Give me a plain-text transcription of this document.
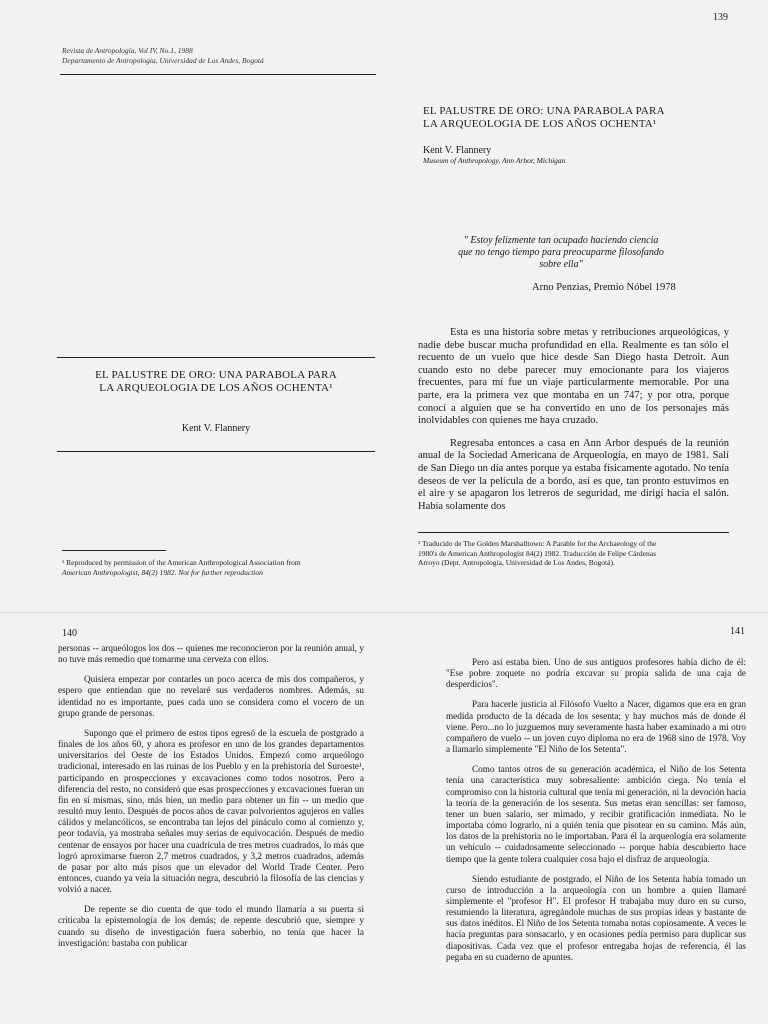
139
Revista de Antropología, Vol IV, No.1, 1988
Departamento de Antropología, Universidad de Los Andes, Bogotá
EL PALUSTRE DE ORO: UNA PARABOLA PARA
LA ARQUEOLOGIA DE LOS AÑOS OCHENTA¹
Kent V. Flannery
¹ Reproduced by permission of the American Anthropological Association from
American Anthropologist, 84(2) 1982. Not for further reproduction
EL PALUSTRE DE ORO: UNA PARABOLA PARA
LA ARQUEOLOGIA DE LOS AÑOS OCHENTA¹
Kent V. Flannery
Museum of Anthropology, Ann Arbor, Michigan
" Estoy felizmente tan ocupado haciendo ciencia
que no tengo tiempo para preocuparme filosofando
sobre ella"
Arno Penzias, Premio Nóbel 1978

Esta es una historia sobre metas y retribuciones arqueológicas, y nadie debe buscar mucha profundidad en ella. Realmente es tan sólo el recuento de un vuelo que hice desde San Diego hasta Detroit. Aun cuando esto no debe parecer muy emocionante para los viajeros frecuentes, para mí fue un viaje particularmente memorable. Por una parte, era la primera vez que montaba en un 747; y por otra, porque conocí a alguien que se ha convertido en uno de los personajes más inolvidables con quienes me haya cruzado.

Regresaba entonces a casa en Ann Arbor después de la reunión anual de la Sociedad Americana de Arqueología, en mayo de 1981. Salí de San Diego un día antes porque ya estaba físicamente agotado. No tenía deseos de ver la película de a bordo, así es que, tan pronto estuvimos en el aire y se apagaron los letreros de seguridad, me dirigí hacia el salón. Había solamente dos

¹ Traducido de The Golden Marshalltown: A Parable for the Archaeology of the
1980's de American Anthropologist 84(2) 1982. Traducción de Felipe Cárdenas
Arroyo (Dept. Antropología, Universidad de Los Andes, Bogotá).
140	141

personas -- arqueólogos los dos -- quienes me reconocieron por la reunión anual, y no tuve más remedio que tomarme una cerveza con ellos.

Quisiera empezar por contarles un poco acerca de mis dos compañeros, y espero que entiendan que no revelaré sus verdaderos nombres. Además, su identidad no es importante, pues cada uno se considera como el vocero de un grupo grande de personas.

Supongo que el primero de estos tipos egresó de la escuela de postgrado a finales de los años 60, y ahora es profesor en uno de los grandes departamentos universitarios del Oeste de los Estados Unidos. Empezó como arqueólogo tradicional, interesado en las ruinas de los Pueblo y en la prehistoria del Suroeste¹, participando en prospecciones y excavaciones como todos nosotros. Pero a diferencia del resto, no consideró que esas prospecciones y excavaciones fueran un fin en sí mismas, sino, más bien, un medio para obtener un fin -- un medio que resultó muy lento. Después de pocos años de cavar polvorientos agujeros en valles cálidos y melancólicos, se encontraba tan lejos del pináculo como al comienzo y, peor todavía, ya mostraba señales muy serias de equivocación. Después de medio centenar de ensayos por hacer una cuadrícula de tres metros cuadrados, lo más que logró aproximarse fueron 2,7 metros cuadrados, y 3,2 metros cuadrados, además de pasar por alto más pisos que un elevador del World Trade Center. Pero entonces, cuando ya veía la situación negra, descubrió la filosofía de las ciencias y volvió a nacer.

De repente se dio cuenta de que todo el mundo llamaría a su puerta si criticaba la epistemología de los demás; de repente descubrió que, siempre y cuando su diseño de investigación fuera soberbio, no tenía que hacer la investigación: bastaba con publicar

Pero así estaba bien. Uno de sus antiguos profesores había dicho de él: "Ese pobre zoquete no podría excavar su propia salida de una caja de desperdicios".

Para hacerle justicia al Filósofo Vuelto a Nacer, digamos que era en gran medida producto de la década de los sesenta; y hay muchos más de donde él viene. Pero...no lo juzguemos muy severamente hasta haber examinado a mi otro compañero de vuelo -- un joven cuyo diploma no era de 1968 sino de 1978. Voy a llamarlo simplemente "El Niño de los Setenta".

Como tantos otros de su generación académica, el Niño de los Setenta tenía una característica muy sobresaliente: ambición ciega. No tenía el compromiso con la historia cultural que tenía mi generación, ni la devoción hacia la teoría de la generación de los sesenta. Sus metas eran sencillas: ser famoso, tener un buen salario, ser mimado, y recibir gratificación inmediata. No le importaba cómo lograrlo, ni a quién tenía que pisotear en su camino. Más aún, los datos de la prehistoria no le importaban. Para él la arqueología era solamente un vehículo -- cuidadosamente seleccionado -- porque había descubierto hace tiempo que la gente tolera cualquier cosa bajo el disfraz de arqueología.

Siendo estudiante de postgrado, el Niño de los Setenta había tomado un curso de introducción a la arqueología con un hombre a quien llamaré simplemente el "profesor H". El profesor H trabajaba muy duro en su curso, resumiendo la literatura, agregándole muchas de sus propias ideas y bastante de sus datos inéditos. El Niño de los Setenta tomaba notas copiosamente. A veces le hacía preguntas para sonsacarlo, y en ocasiones pedía permiso para duplicar sus diapositivas. Cada vez que el profesor entregaba hojas de referencia, él las pegaba en su cuaderno de apuntes.
